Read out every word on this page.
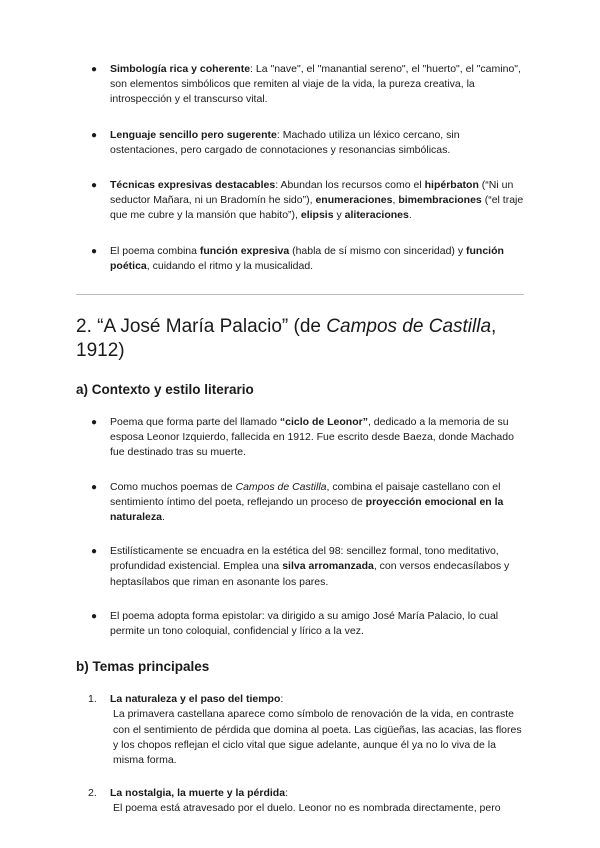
● Simbología rica y coherente: La "nave", el "manantial sereno", el "huerto", el "camino", son elementos simbólicos que remiten al viaje de la vida, la pureza creativa, la introspección y el transcurso vital.
● Lenguaje sencillo pero sugerente: Machado utiliza un léxico cercano, sin ostentaciones, pero cargado de connotaciones y resonancias simbólicas.
● Técnicas expresivas destacables: Abundan los recursos como el hipérbaton (“Ni un seductor Mañara, ni un Bradomín he sido”), enumeraciones, bimembraciones (“el traje que me cubre y la mansión que habito”), elipsis y aliteraciones.
● El poema combina función expresiva (habla de sí mismo con sinceridad) y función poética, cuidando el ritmo y la musicalidad.
2. “A José María Palacio” (de Campos de Castilla, 1912)
a) Contexto y estilo literario
● Poema que forma parte del llamado “ciclo de Leonor”, dedicado a la memoria de su esposa Leonor Izquierdo, fallecida en 1912. Fue escrito desde Baeza, donde Machado fue destinado tras su muerte.
● Como muchos poemas de Campos de Castilla, combina el paisaje castellano con el sentimiento íntimo del poeta, reflejando un proceso de proyección emocional en la naturaleza.
● Estilísticamente se encuadra en la estética del 98: sencillez formal, tono meditativo, profundidad existencial. Emplea una silva arromanzada, con versos endecasílabos y heptasílabos que riman en asonante los pares.
● El poema adopta forma epistolar: va dirigido a su amigo José María Palacio, lo cual permite un tono coloquial, confidencial y lírico a la vez.
b) Temas principales
1. La naturaleza y el paso del tiempo:
La primavera castellana aparece como símbolo de renovación de la vida, en contraste con el sentimiento de pérdida que domina al poeta. Las cigüeñas, las acacias, las flores y los chopos reflejan el ciclo vital que sigue adelante, aunque él ya no lo viva de la misma forma.
2. La nostalgia, la muerte y la pérdida:
El poema está atravesado por el duelo. Leonor no es nombrada directamente, pero
